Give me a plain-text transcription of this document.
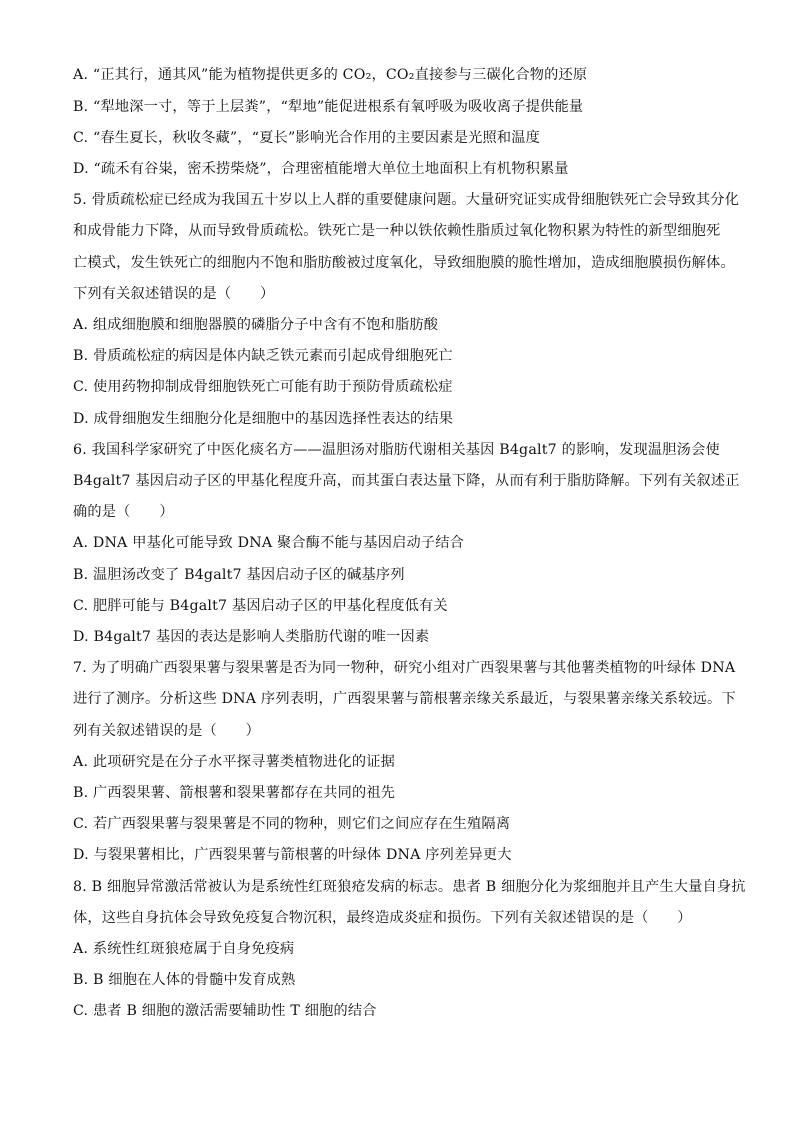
A. “正其行，通其风”能为植物提供更多的 CO₂，CO₂直接参与三碳化合物的还原
B. “犁地深一寸，等于上层粪”，“犁地”能促进根系有氧呼吸为吸收离子提供能量
C. “春生夏长，秋收冬藏”，“夏长”影响光合作用的主要因素是光照和温度
D. “疏禾有谷粜，密禾捞柴烧”，合理密植能增大单位土地面积上有机物积累量
5. 骨质疏松症已经成为我国五十岁以上人群的重要健康问题。大量研究证实成骨细胞铁死亡会导致其分化
和成骨能力下降，从而导致骨质疏松。铁死亡是一种以铁依赖性脂质过氧化物积累为特性的新型细胞死
亡模式，发生铁死亡的细胞内不饱和脂肪酸被过度氧化，导致细胞膜的脆性增加，造成细胞膜损伤解体。
下列有关叙述错误的是（　　）
A. 组成细胞膜和细胞器膜的磷脂分子中含有不饱和脂肪酸
B. 骨质疏松症的病因是体内缺乏铁元素而引起成骨细胞死亡
C. 使用药物抑制成骨细胞铁死亡可能有助于预防骨质疏松症
D. 成骨细胞发生细胞分化是细胞中的基因选择性表达的结果
6. 我国科学家研究了中医化痰名方——温胆汤对脂肪代谢相关基因 B4galt7 的影响，发现温胆汤会使
B4galt7 基因启动子区的甲基化程度升高，而其蛋白表达量下降，从而有利于脂肪降解。下列有关叙述正
确的是（　　）
A. DNA 甲基化可能导致 DNA 聚合酶不能与基因启动子结合
B. 温胆汤改变了 B4galt7 基因启动子区的碱基序列
C. 肥胖可能与 B4galt7 基因启动子区的甲基化程度低有关
D. B4galt7 基因的表达是影响人类脂肪代谢的唯一因素
7. 为了明确广西裂果薯与裂果薯是否为同一物种，研究小组对广西裂果薯与其他薯类植物的叶绿体 DNA
进行了测序。分析这些 DNA 序列表明，广西裂果薯与箭根薯亲缘关系最近，与裂果薯亲缘关系较远。下
列有关叙述错误的是（　　）
A. 此项研究是在分子水平探寻薯类植物进化的证据
B. 广西裂果薯、箭根薯和裂果薯都存在共同的祖先
C. 若广西裂果薯与裂果薯是不同的物种，则它们之间应存在生殖隔离
D. 与裂果薯相比，广西裂果薯与箭根薯的叶绿体 DNA 序列差异更大
8. B 细胞异常激活常被认为是系统性红斑狼疮发病的标志。患者 B 细胞分化为浆细胞并且产生大量自身抗
体，这些自身抗体会导致免疫复合物沉积，最终造成炎症和损伤。下列有关叙述错误的是（　　）
A. 系统性红斑狼疮属于自身免疫病
B. B 细胞在人体的骨髓中发育成熟
C. 患者 B 细胞的激活需要辅助性 T 细胞的结合
